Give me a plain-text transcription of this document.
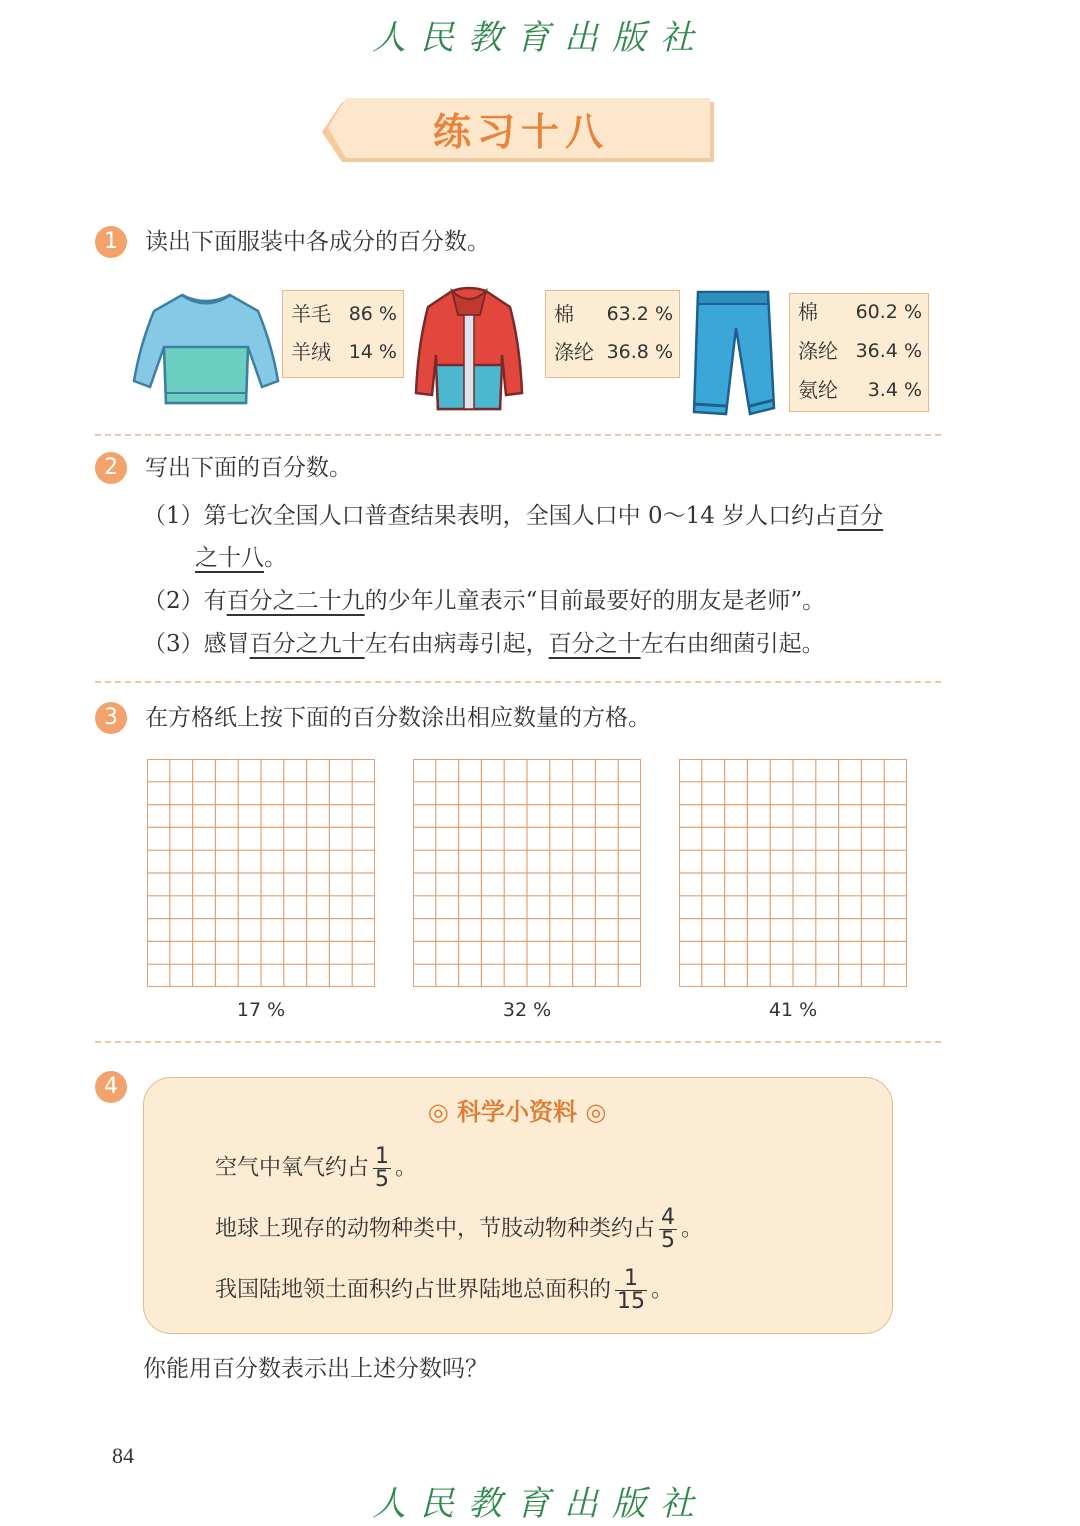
人民教育出版社
练习十八
1	读出下面服装中各成分的百分数。
羊毛 86 %
羊绒 14 %
棉 63.2 %
涤纶 36.8 %
棉 60.2 %
涤纶 36.4 %
氨纶 3.4 %
2	写出下面的百分数。
（1）第七次全国人口普查结果表明，全国人口中 0～14 岁人口约占百分
之十八。
（2）有百分之二十九的少年儿童表示“目前最要好的朋友是老师”。
（3）感冒百分之九十左右由病毒引起，百分之十左右由细菌引起。
3	在方格纸上按下面的百分数涂出相应数量的方格。
17 %	32 %	41 %
4
◎ 科学小资料 ◎
空气中氧气约占 $\frac{1}{5}$ 。
地球上现存的动物种类中，节肢动物种类约占 $\frac{4}{5}$ 。
我国陆地领土面积约占世界陆地总面积的 $\frac{1}{15}$ 。
你能用百分数表示出上述分数吗？
84
人民教育出版社
